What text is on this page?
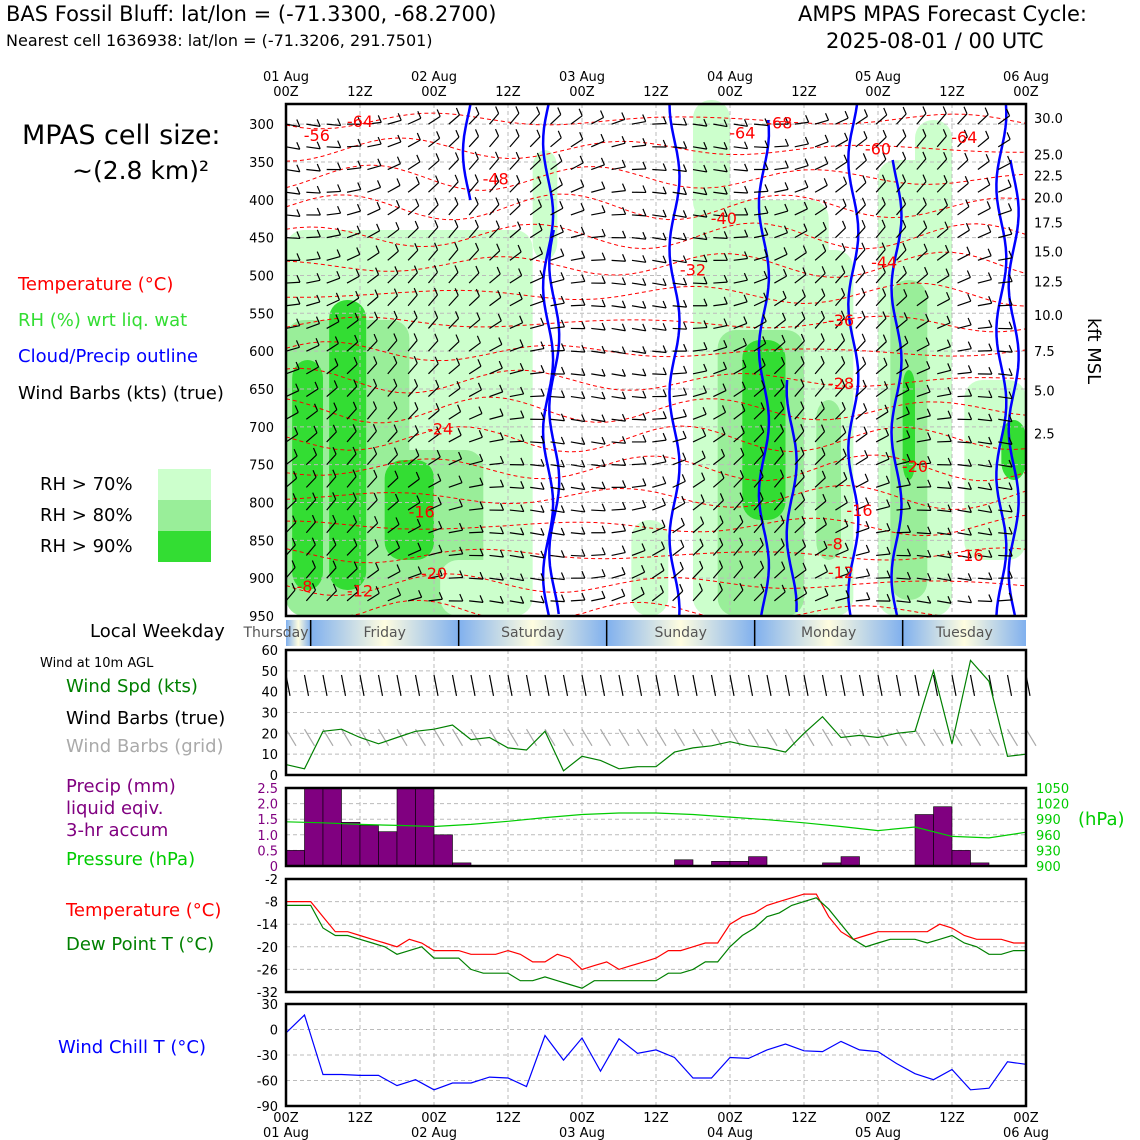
BAS Fossil Bluff: lat/lon = (-71.3300, -68.2700)
Nearest cell 1636938: lat/lon = (-71.3206, 291.7501)
AMPS MPAS Forecast Cycle:
2025-08-01 / 00 UTC
MPAS cell size:
~(2.8 km)²
Temperature (°C)
RH (%) wrt liq. wat
Cloud/Precip outline
Wind Barbs (kts) (true)
RH > 70%
RH > 80%
RH > 90%
Local Weekday
Wind at 10m AGL
Wind Spd (kts)
Wind Barbs (true)
Wind Barbs (grid)
Precip (mm)
liquid eqiv.
3-hr accum
Pressure (hPa)
(hPa)
Temperature (°C)
Dew Point T (°C)
Wind Chill T (°C)
kft MSL
-64
-56
-48
-64
-68
-60
-64
-40
-32	-44
-36
-28
-24
-16
-20
-8 -12
-20
-16
-8
-12
-16
300
350
400
450
500
550
600
650
700
750
800
850
900
950
30.0
25.0
22.5
20.0
17.5
15.0
12.5
10.0
7.5
5.0
2.5
01 Aug
00Z
02 Aug
00Z
03 Aug
00Z
04 Aug
00Z
05 Aug
00Z
06 Aug
00Z
12Z	12Z	12Z	12Z	12Z
Thursday	Friday	Saturday	Sunday	Monday	Tuesday
0
10
20
30
40
50
60
0
0.5
1.0
1.5
2.0
2.5
900
930
960
990
1020
1050
-2
-8
-14
-20
-26
-32
30
0
-30
-60
-90
00Z
01 Aug
00Z
02 Aug
00Z
03 Aug
00Z
04 Aug
00Z
05 Aug
00Z
06 Aug
12Z	12Z	12Z	12Z	12Z
